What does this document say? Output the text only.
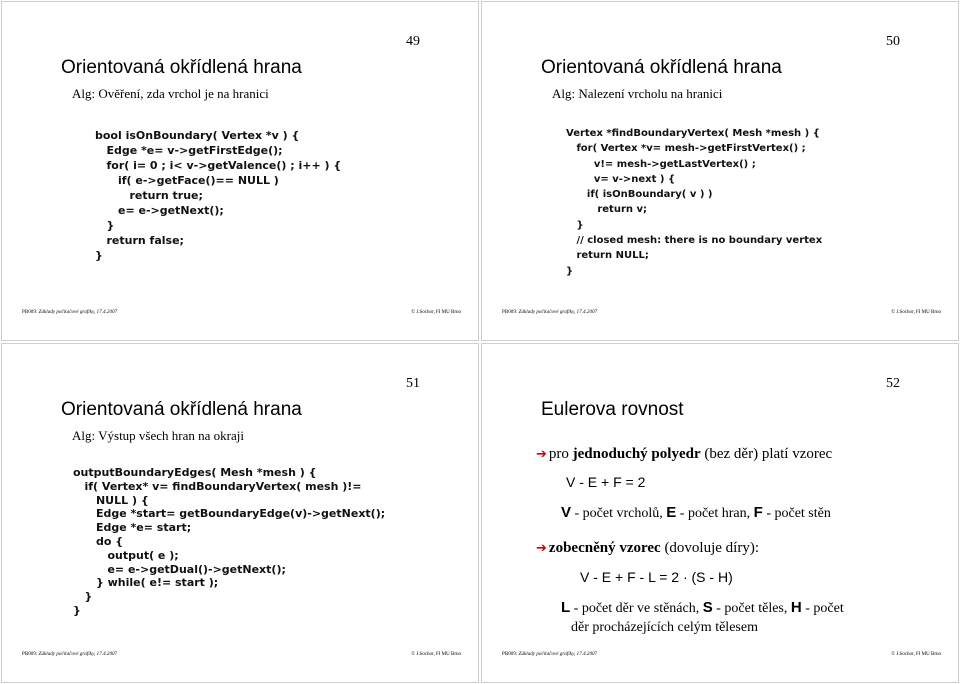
49
Orientovaná okřídlená hrana
Alg: Ověření, zda vrchol je na hranici
bool isOnBoundary( Vertex *v ) {
Edge *e= v->getFirstEdge();
for( i= 0 ; i< v->getValence() ; i++ ) {
if( e->getFace()== NULL )
return true;
e= e->getNext();
}
return false;
}
PB009: Základy počítačové grafiky, 17.4.2007	© J.Sochor, FI MU Brno
50
Orientovaná okřídlená hrana
Alg: Nalezení vrcholu na hranici
Vertex *findBoundaryVertex( Mesh *mesh ) {
for( Vertex *v= mesh->getFirstVertex() ;
v!= mesh->getLastVertex() ;
v= v->next ) {
if( isOnBoundary( v ) )
return v;
}
// closed mesh: there is no boundary vertex
return NULL;
}
PB009: Základy počítačové grafiky, 17.4.2007	© J.Sochor, FI MU Brno
51
Orientovaná okřídlená hrana
Alg: Výstup všech hran na okraji
outputBoundaryEdges( Mesh *mesh ) {
if( Vertex* v= findBoundaryVertex( mesh )!=
NULL ) {
Edge *start= getBoundaryEdge(v)->getNext();
Edge *e= start;
do {
output( e );
e= e->getDual()->getNext();
} while( e!= start );
}
}
PB009: Základy počítačové grafiky, 17.4.2007	© J.Sochor, FI MU Brno
52
Eulerova rovnost
➔ pro jednoduchý polyedr (bez děr) platí vzorec
V - E + F = 2
V - počet vrcholů, E - počet hran, F - počet stěn
➔ zobecněný vzorec (dovoluje díry):
V - E + F - L = 2 · (S - H)
L - počet děr ve stěnách, S - počet těles, H - počet
děr procházejících celým tělesem
PB009: Základy počítačové grafiky, 17.4.2007	© J.Sochor, FI MU Brno
